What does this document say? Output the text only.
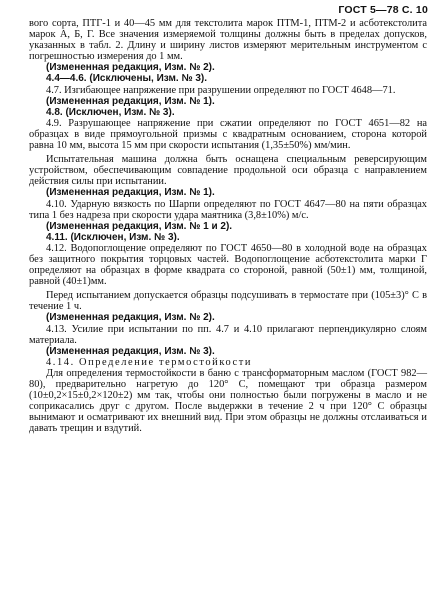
ГОСТ 5—78 С. 10

вого сорта, ПТГ-1 и 40—45 мм для текстолита марок ПТМ-1, ПТМ-2 и асботекстолита марок А, Б, Г. Все значения измеряемой толщины должны быть в пределах допусков, указанных в табл. 2. Длину и ширину листов измеряют мерительным инструментом с погрешностью измерения до 1 мм.

(Измененная редакция, Изм. № 2).

4.4—4.6. (Исключены, Изм. № 3).

4.7. Изгибающее напряжение при разрушении определяют по ГОСТ 4648—71.

(Измененная редакция, Изм. № 1).

4.8. (Исключен, Изм. № 3).

4.9. Разрушающее напряжение при сжатии определяют по ГОСТ 4651—82 на образцах в виде прямоугольной призмы с квадратным основанием, сторона которой равна 10 мм, высота 15 мм при скорости испытания (1,35±50%) мм/мин.

Испытательная машина должна быть оснащена специальным реверсирующим устройством, обеспечивающим совпадение продольной оси образца с направлением действия силы при испытании.

(Измененная редакция, Изм. № 1).

4.10. Ударную вязкость по Шарпи определяют по ГОСТ 4647—80 на пяти образцах типа 1 без надреза при скорости удара маятника (3,8±10%) м/с.

(Измененная редакция, Изм. № 1 и 2).

4.11. (Исключен, Изм. № 3).

4.12. Водопоглощение определяют по ГОСТ 4650—80 в холодной воде на образцах без защитного покрытия торцовых частей. Водопоглощение асботекстолита марки Г определяют на образцах в форме квадрата со стороной, равной (50±1) мм, толщиной, равной (40±1)мм.

Перед испытанием допускается образцы подсушивать в термостате при (105±3)° С в течение 1 ч.

(Измененная редакция, Изм. № 2).

4.13. Усилие при испытании по пп. 4.7 и 4.10 прилагают перпендикулярно слоям материала.

(Измененная редакция, Изм. № 3).

4.14. Определение термостойкости

Для определения термостойкости в баню с трансформаторным маслом (ГОСТ 982—80), предварительно нагретую до 120° С, помещают три образца размером (10±0,2×15±0,2×120±2) мм так, чтобы они полностью были погружены в масло и не соприкасались друг с другом. После выдержки в течение 2 ч при 120° С образцы вынимают и осматривают их внешний вид. При этом образцы не должны отслаиваться и давать трещин и вздутий.
